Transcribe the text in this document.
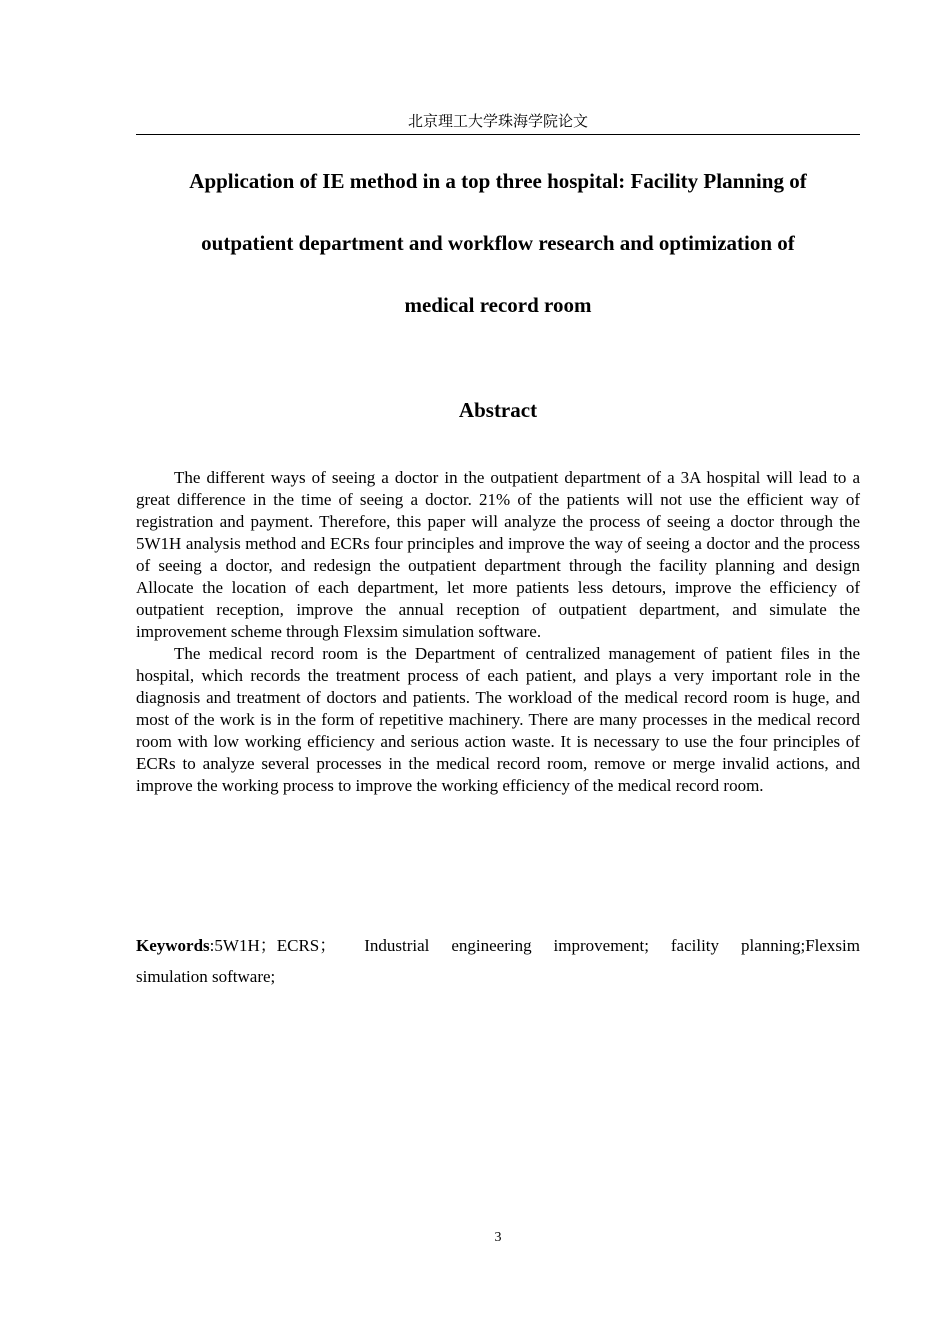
北京理工大学珠海学院论文
Application of IE method in a top three hospital: Facility Planning of
outpatient department and workflow research and optimization of
medical record room
Abstract

The different ways of seeing a doctor in the outpatient department of a 3A hospital will lead to a great difference in the time of seeing a doctor. 21% of the patients will not use the efficient way of registration and payment. Therefore, this paper will analyze the process of seeing a doctor through the 5W1H analysis method and ECRs four principles and improve the way of seeing a doctor and the process of seeing a doctor, and redesign the outpatient department through the facility planning and design Allocate the location of each department, let more patients less detours, improve the efficiency of outpatient reception, improve the annual reception of outpatient department, and simulate the improvement scheme through Flexsim simulation software.

The medical record room is the Department of centralized management of patient files in the hospital, which records the treatment process of each patient, and plays a very important role in the diagnosis and treatment of doctors and patients. The workload of the medical record room is huge, and most of the work is in the form of repetitive machinery. There are many processes in the medical record room with low working efficiency and serious action waste. It is necessary to use the four principles of ECRs to analyze several processes in the medical record room, remove or merge invalid actions, and improve the working process to improve the working efficiency of the medical record room.

Keywords:5W1H；ECRS； Industrial engineering improvement; facility planning;Flexsim simulation software;
3
